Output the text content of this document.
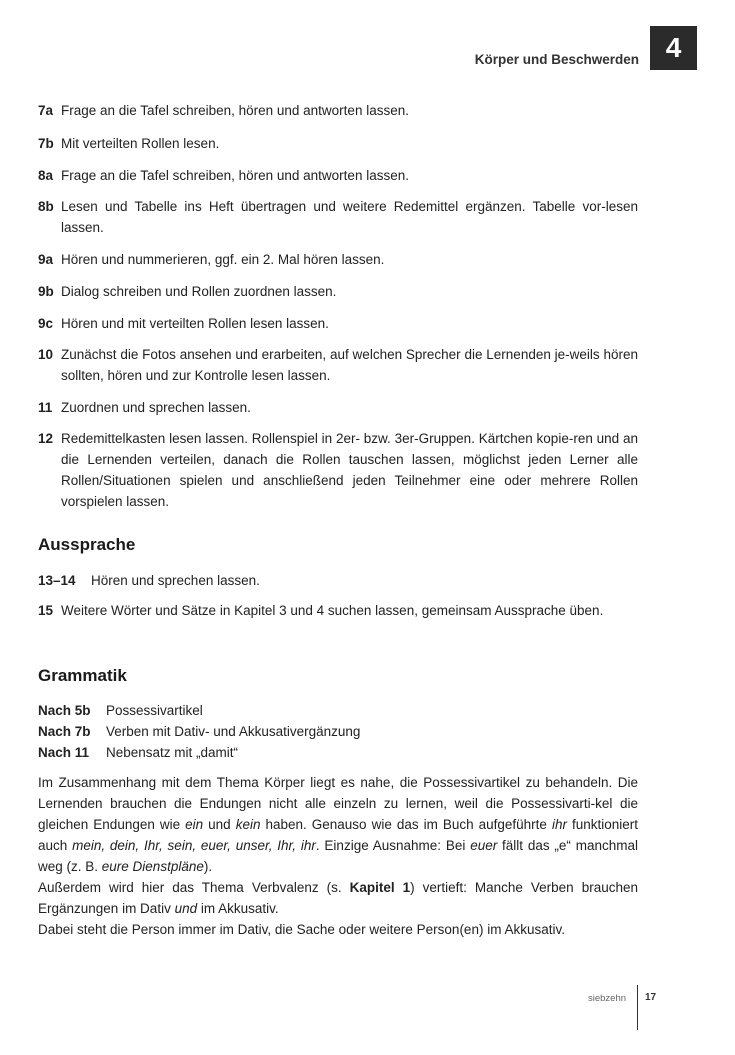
Körper und Beschwerden 4
7a Frage an die Tafel schreiben, hören und antworten lassen.
7b Mit verteilten Rollen lesen.
8a Frage an die Tafel schreiben, hören und antworten lassen.
8b Lesen und Tabelle ins Heft übertragen und weitere Redemittel ergänzen. Tabelle vor-lesen lassen.
9a Hören und nummerieren, ggf. ein 2. Mal hören lassen.
9b Dialog schreiben und Rollen zuordnen lassen.
9c Hören und mit verteilten Rollen lesen lassen.
10 Zunächst die Fotos ansehen und erarbeiten, auf welchen Sprecher die Lernenden je-weils hören sollten, hören und zur Kontrolle lesen lassen.
11 Zuordnen und sprechen lassen.
12 Redemittelkasten lesen lassen. Rollenspiel in 2er- bzw. 3er-Gruppen. Kärtchen kopie-ren und an die Lernenden verteilen, danach die Rollen tauschen lassen, möglichst jeden Lerner alle Rollen/Situationen spielen und anschließend jeden Teilnehmer eine oder mehrere Rollen vorspielen lassen.
Aussprache
13–14	Hören und sprechen lassen.
15 Weitere Wörter und Sätze in Kapitel 3 und 4 suchen lassen, gemeinsam Aussprache üben.
Grammatik
Nach 5b Possessivartikel
Nach 7b Verben mit Dativ- und Akkusativergänzung
Nach 11 Nebensatz mit „damit“
Im Zusammenhang mit dem Thema Körper liegt es nahe, die Possessivartikel zu behandeln. Die Lernenden brauchen die Endungen nicht alle einzeln zu lernen, weil die Possessivarti-kel die gleichen Endungen wie ein und kein haben. Genauso wie das im Buch aufgeführte ihr funktioniert auch mein, dein, Ihr, sein, euer, unser, Ihr, ihr. Einzige Ausnahme: Bei euer fällt das „e“ manchmal weg (z. B. eure Dienstpläne).
Außerdem wird hier das Thema Verbvalenz (s. Kapitel 1) vertieft: Manche Verben brauchen Ergänzungen im Dativ und im Akkusativ.
Dabei steht die Person immer im Dativ, die Sache oder weitere Person(en) im Akkusativ.
siebzehn 17
